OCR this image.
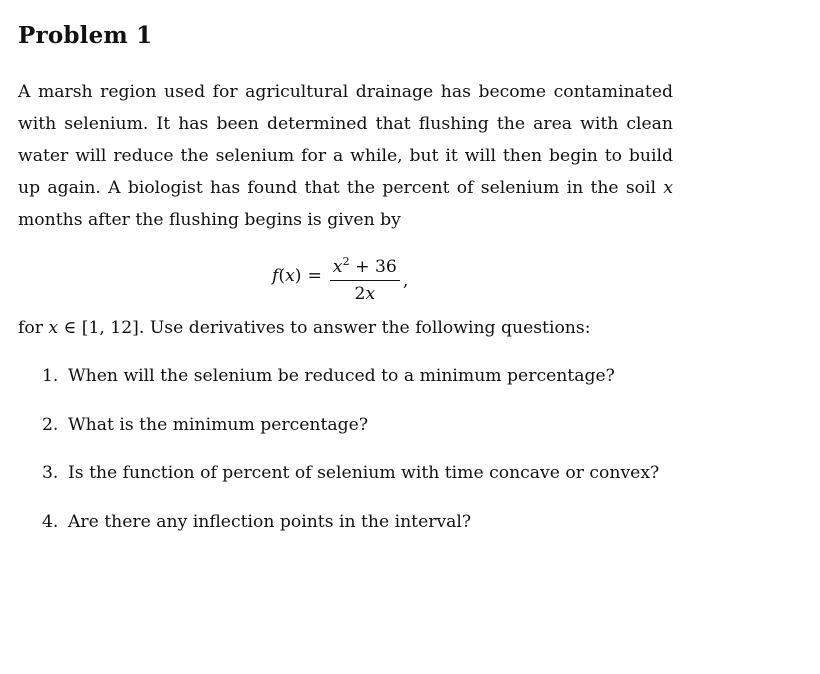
Problem 1
A marsh region used for agricultural drainage has become contaminated
with selenium. It has been determined that flushing the area with clean
water will reduce the selenium for a while, but it will then begin to build
up again. A biologist has found that the percent of selenium in the soil x
months after the flushing begins is given by
$f(x) = \frac{x^2 + 36}{2x}$ ,
for x ∈ [1, 12]. Use derivatives to answer the following questions:
1. When will the selenium be reduced to a minimum percentage?
2. What is the minimum percentage?
3. Is the function of percent of selenium with time concave or convex?
4. Are there any inflection points in the interval?
